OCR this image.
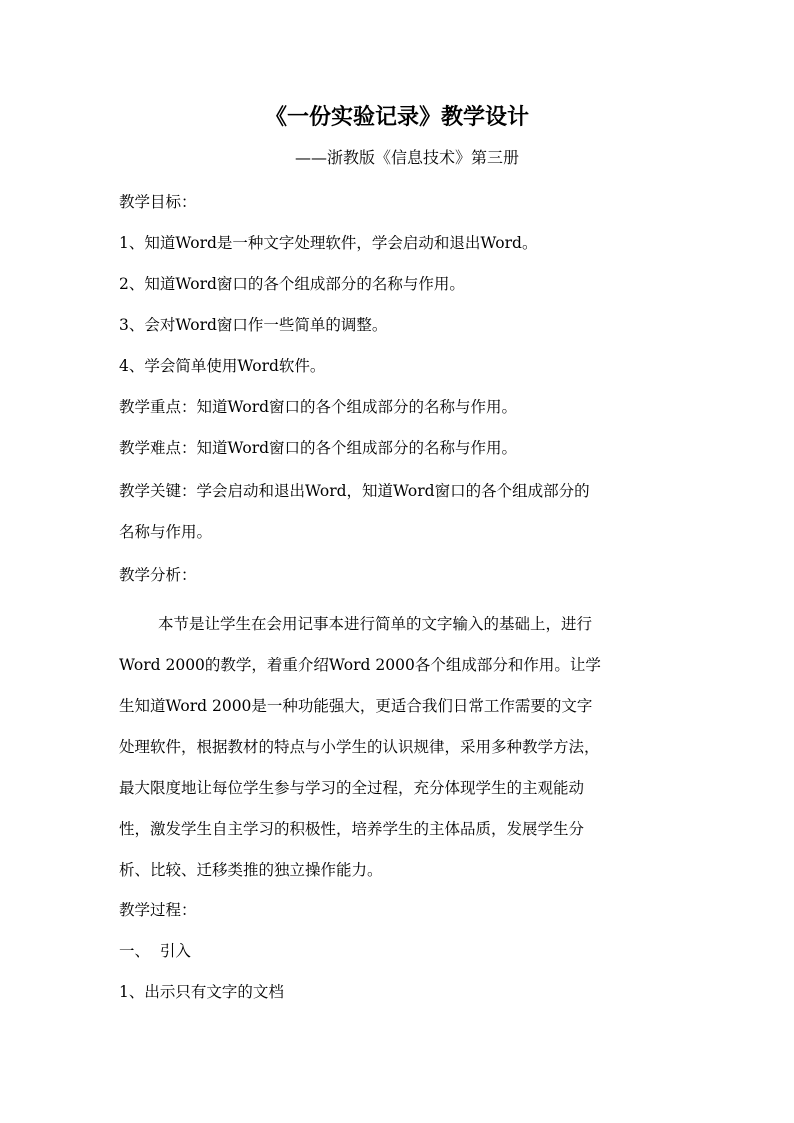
《一份实验记录》教学设计
——浙教版《信息技术》第三册
教学目标：
1、知道Word是一种文字处理软件，学会启动和退出Word。
2、知道Word窗口的各个组成部分的名称与作用。
3、会对Word窗口作一些简单的调整。
4、学会简单使用Word软件。
教学重点：知道Word窗口的各个组成部分的名称与作用。
教学难点：知道Word窗口的各个组成部分的名称与作用。
教学关键：学会启动和退出Word，知道Word窗口的各个组成部分的
名称与作用。
教学分析：
本节是让学生在会用记事本进行简单的文字输入的基础上，进行
Word 2000的教学，着重介绍Word 2000各个组成部分和作用。让学
生知道Word 2000是一种功能强大，更适合我们日常工作需要的文字
处理软件，根据教材的特点与小学生的认识规律，采用多种教学方法，
最大限度地让每位学生参与学习的全过程，充分体现学生的主观能动
性，激发学生自主学习的积极性，培养学生的主体品质，发展学生分
析、比较、迁移类推的独立操作能力。
教学过程：
一、  引入
1、出示只有文字的文档
